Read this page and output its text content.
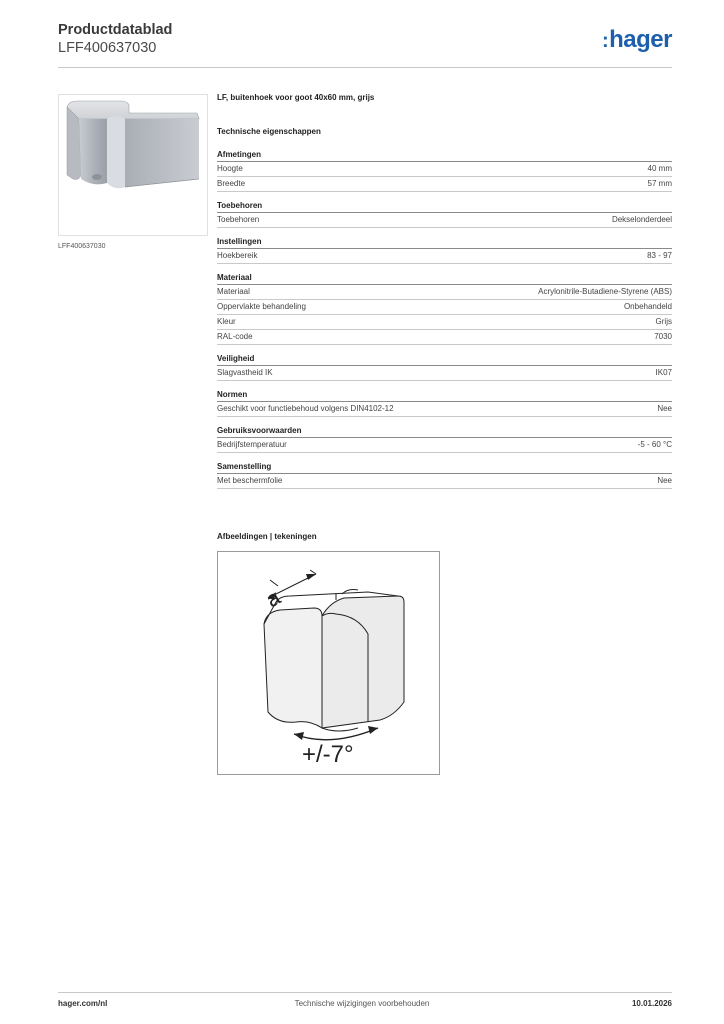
Productdatablad
LFF400637030	:hager
LFF400637030
LF, buitenhoek voor goot 40x60 mm, grijs
Technische eigenschappen
Afmetingen
Hoogte	40 mm
Breedte	57 mm
Toebehoren
Toebehoren	Dekselonderdeel
Instellingen
Hoekbereik	83 - 97
Materiaal
Materiaal	Acrylonitrile-Butadiene-Styrene (ABS)
Oppervlakte behandeling	Onbehandeld
Kleur	Grijs
RAL-code	7030
Veiligheid
Slagvastheid IK	IK07
Normen
Geschikt voor functiebehoud volgens DIN4102-12	Nee
Gebruiksvoorwaarden
Bedrijfstemperatuur	-5 - 60 °C
Samenstelling
Met beschermfolie	Nee
Afbeeldingen | tekeningen
a
+/-7°
hager.com/nl	Technische wijzigingen voorbehouden	10.01.2026
